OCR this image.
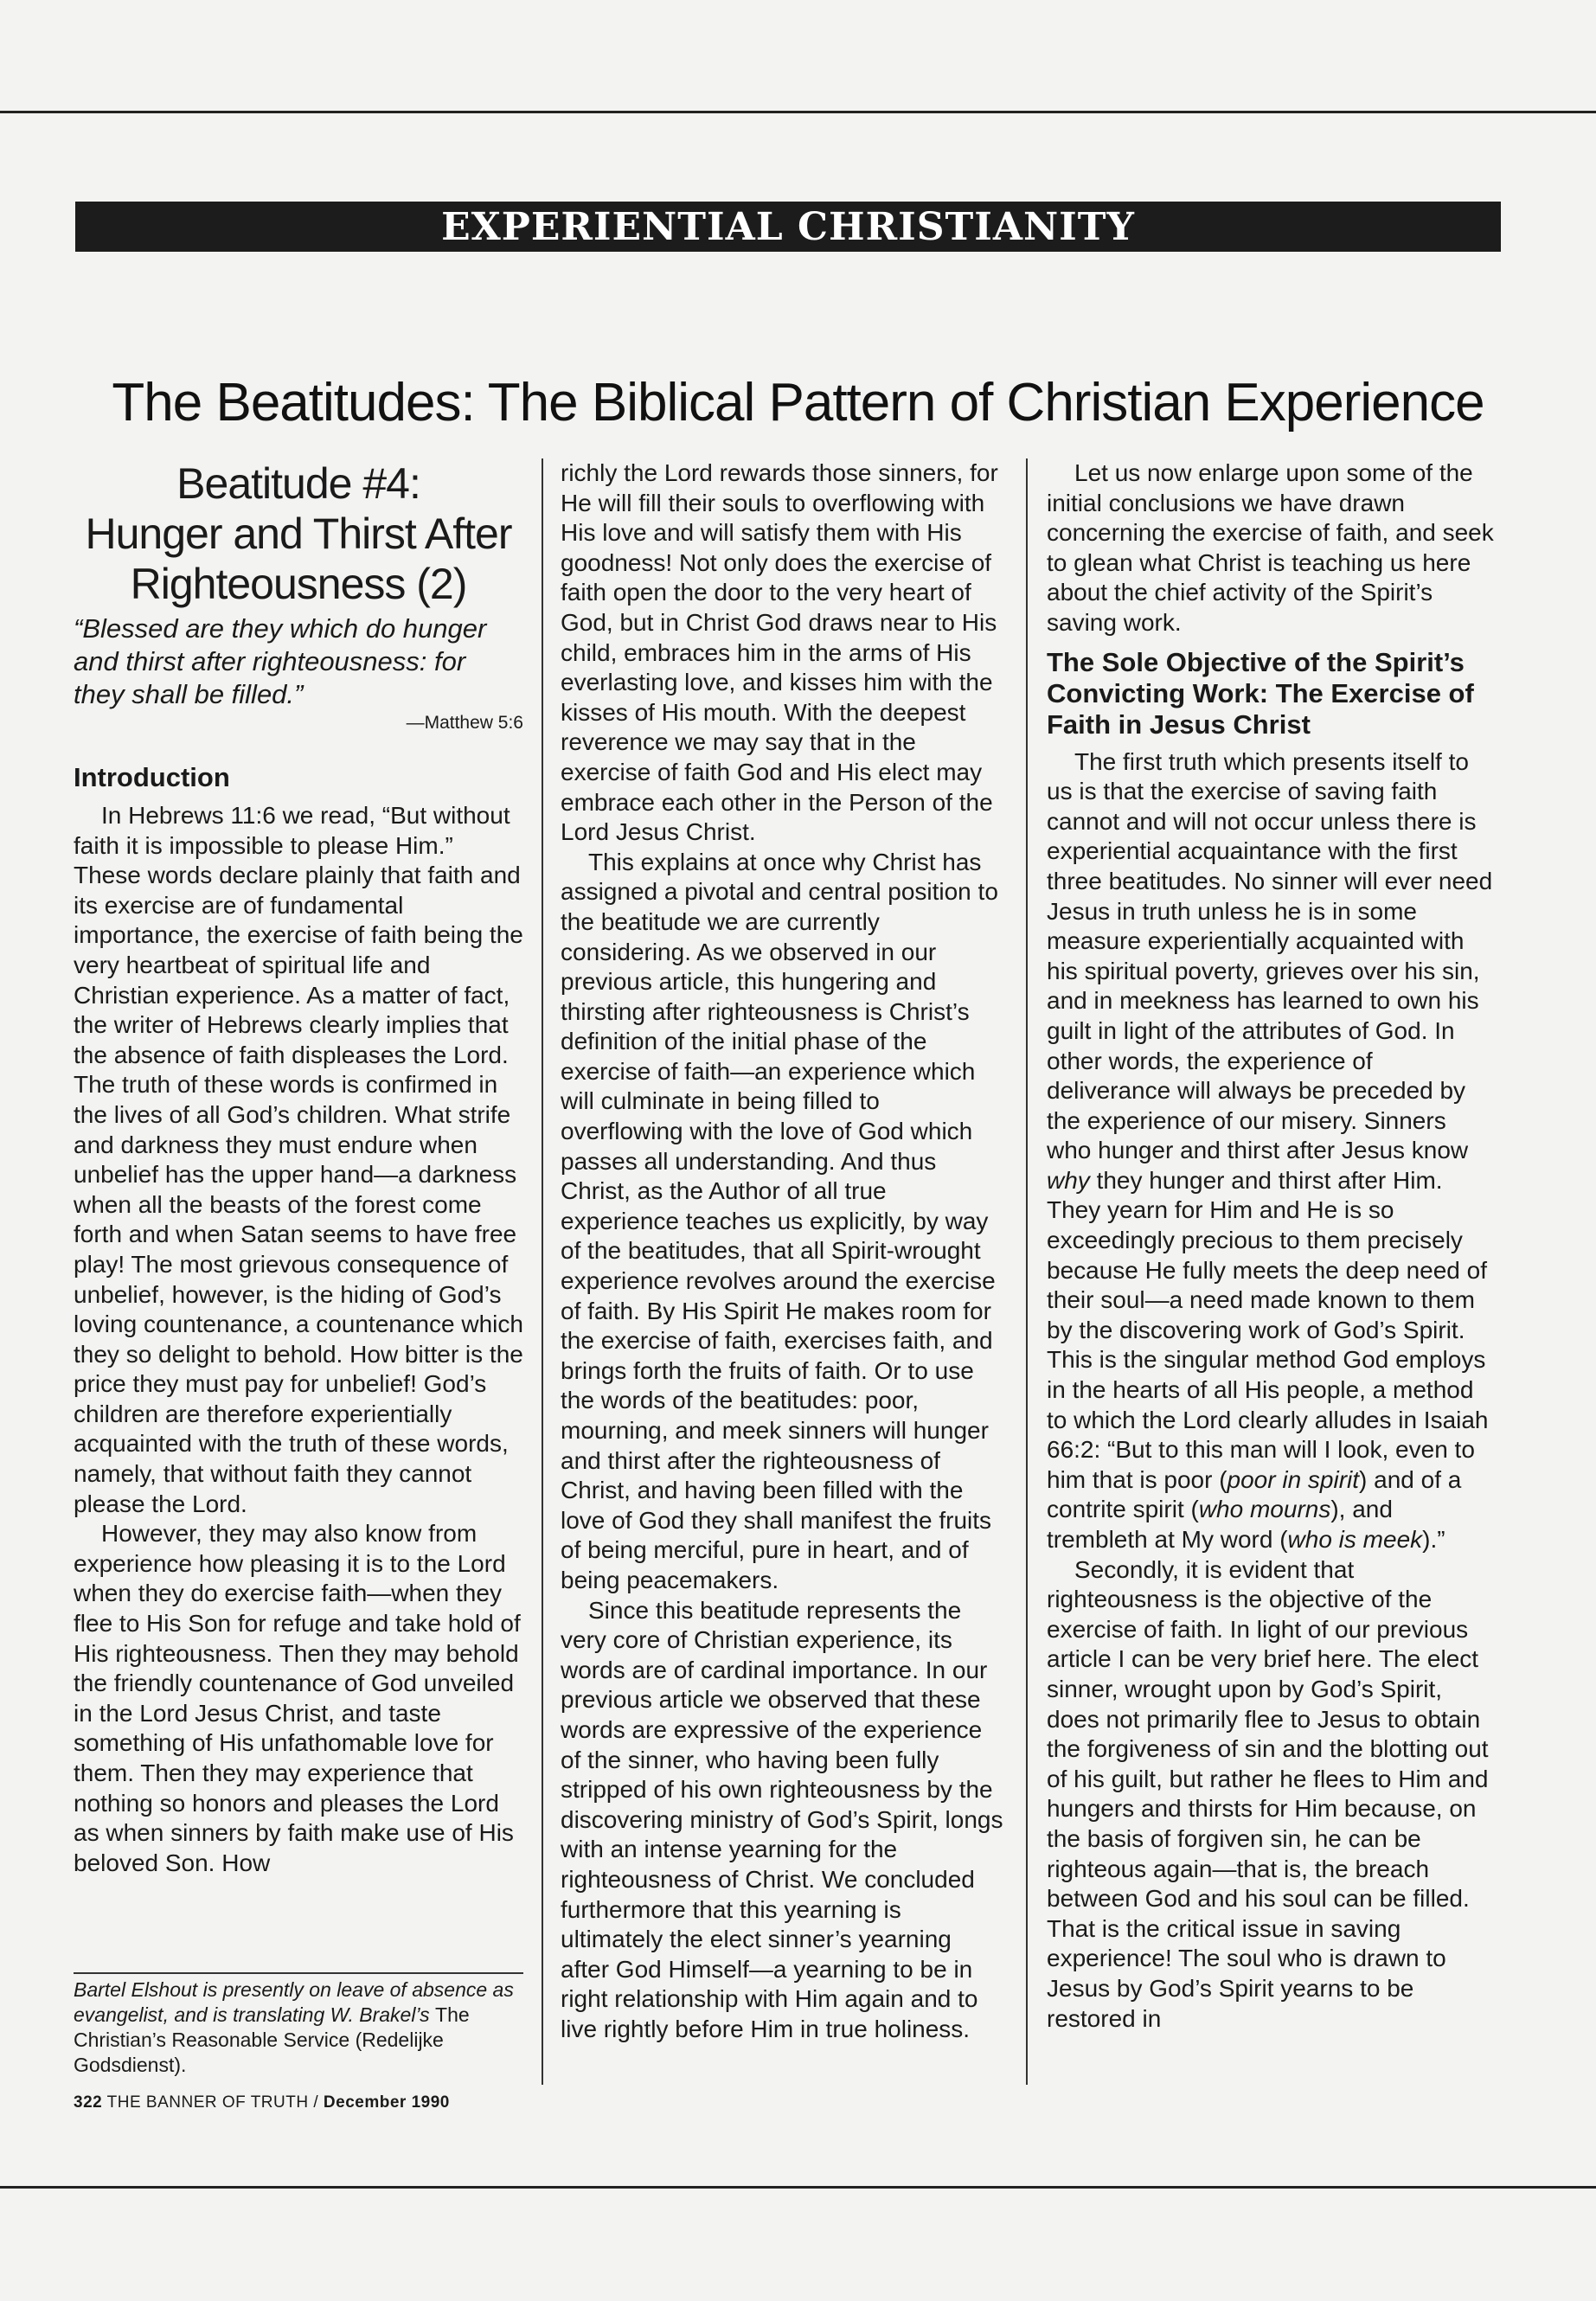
EXPERIENTIAL CHRISTIANITY
The Beatitudes: The Biblical Pattern of Christian Experience
Beatitude #4:
Hunger and Thirst After
Righteousness (2)

“Blessed are they which do hunger and thirst after righteousness: for they shall be filled.”

—Matthew 5:6

Introduction

In Hebrews 11:6 we read, “But without faith it is impossible to please Him.” These words declare plainly that faith and its exercise are of fundamental importance, the exercise of faith being the very heartbeat of spiritual life and Christian experience. As a matter of fact, the writer of Hebrews clearly implies that the absence of faith displeases the Lord. The truth of these words is confirmed in the lives of all God’s children. What strife and darkness they must endure when unbelief has the upper hand—a darkness when all the beasts of the forest come forth and when Satan seems to have free play! The most grievous consequence of unbelief, however, is the hiding of God’s loving countenance, a countenance which they so delight to behold. How bitter is the price they must pay for unbelief! God’s children are therefore experientially acquainted with the truth of these words, namely, that without faith they cannot please the Lord.

However, they may also know from experience how pleasing it is to the Lord when they do exercise faith—when they flee to His Son for refuge and take hold of His righteousness. Then they may behold the friendly countenance of God unveiled in the Lord Jesus Christ, and taste something of His unfathomable love for them. Then they may experience that nothing so honors and pleases the Lord as when sinners by faith make use of His beloved Son. How

Bartel Elshout is presently on leave of absence as evangelist, and is translating W. Brakel’s The Christian’s Reasonable Service (Redelijke Godsdienst).
322 THE BANNER OF TRUTH / December 1990

richly the Lord rewards those sinners, for He will fill their souls to overflowing with His love and will satisfy them with His goodness! Not only does the exercise of faith open the door to the very heart of God, but in Christ God draws near to His child, embraces him in the arms of His everlasting love, and kisses him with the kisses of His mouth. With the deepest reverence we may say that in the exercise of faith God and His elect may embrace each other in the Person of the Lord Jesus Christ.

This explains at once why Christ has assigned a pivotal and central position to the beatitude we are currently considering. As we observed in our previous article, this hungering and thirsting after righteousness is Christ’s definition of the initial phase of the exercise of faith—an experience which will culminate in being filled to overflowing with the love of God which passes all understanding. And thus Christ, as the Author of all true experience teaches us explicitly, by way of the beatitudes, that all Spirit-wrought experience revolves around the exercise of faith. By His Spirit He makes room for the exercise of faith, exercises faith, and brings forth the fruits of faith. Or to use the words of the beatitudes: poor, mourning, and meek sinners will hunger and thirst after the righteousness of Christ, and having been filled with the love of God they shall manifest the fruits of being merciful, pure in heart, and of being peacemakers.

Since this beatitude represents the very core of Christian experience, its words are of cardinal importance. In our previous article we observed that these words are expressive of the experience of the sinner, who having been fully stripped of his own righteousness by the discovering ministry of God’s Spirit, longs with an intense yearning for the righteousness of Christ. We concluded furthermore that this yearning is ultimately the elect sinner’s yearning after God Himself—a yearning to be in right relationship with Him again and to live rightly before Him in true holiness.

Let us now enlarge upon some of the initial conclusions we have drawn concerning the exercise of faith, and seek to glean what Christ is teaching us here about the chief activity of the Spirit’s saving work.

The Sole Objective of the Spirit’s Convicting Work: The Exercise of Faith in Jesus Christ

The first truth which presents itself to us is that the exercise of saving faith cannot and will not occur unless there is experiential acquaintance with the first three beatitudes. No sinner will ever need Jesus in truth unless he is in some measure experientially acquainted with his spiritual poverty, grieves over his sin, and in meekness has learned to own his guilt in light of the attributes of God. In other words, the experience of deliverance will always be preceded by the experience of our misery. Sinners who hunger and thirst after Jesus know why they hunger and thirst after Him. They yearn for Him and He is so exceedingly precious to them precisely because He fully meets the deep need of their soul—a need made known to them by the discovering work of God’s Spirit. This is the singular method God employs in the hearts of all His people, a method to which the Lord clearly alludes in Isaiah 66:2: “But to this man will I look, even to him that is poor (poor in spirit) and of a contrite spirit (who mourns), and trembleth at My word (who is meek).”

Secondly, it is evident that righteousness is the objective of the exercise of faith. In light of our previous article I can be very brief here. The elect sinner, wrought upon by God’s Spirit, does not primarily flee to Jesus to obtain the forgiveness of sin and the blotting out of his guilt, but rather he flees to Him and hungers and thirsts for Him because, on the basis of forgiven sin, he can be righteous again—that is, the breach between God and his soul can be filled. That is the critical issue in saving experience! The soul who is drawn to Jesus by God’s Spirit yearns to be restored in
